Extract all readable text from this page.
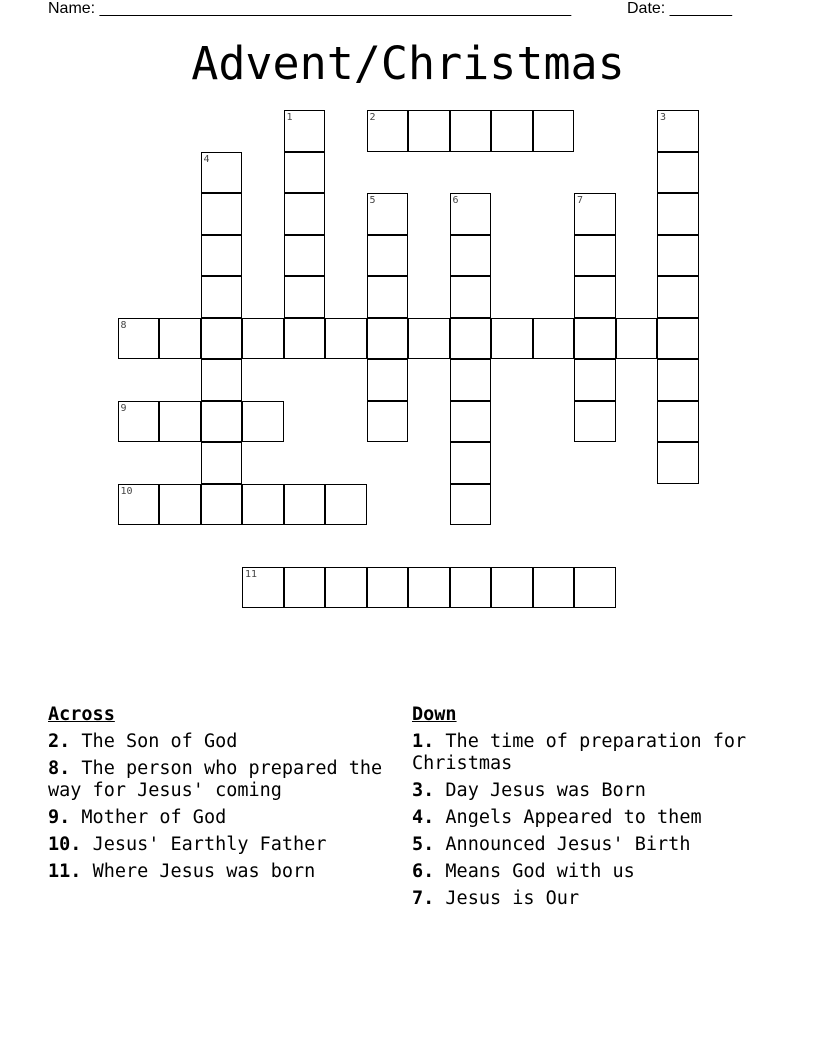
Name: _____________________________________________________	Date: _______
Advent/Christmas
1	2	3
4
5	6	7
8
9
10
11
Across
2. The Son of God
8. The person who prepared the way for Jesus' coming
9. Mother of God
10. Jesus' Earthly Father
11. Where Jesus was born
Down
1. The time of preparation for Christmas
3. Day Jesus was Born
4. Angels Appeared to them
5. Announced Jesus' Birth
6. Means God with us
7. Jesus is Our
